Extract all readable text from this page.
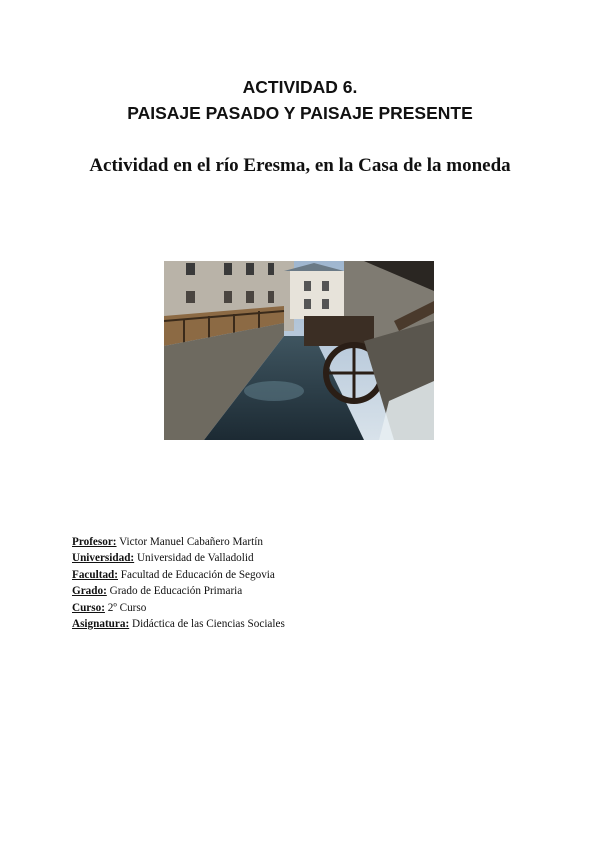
ACTIVIDAD 6.
PAISAJE PASADO Y PAISAJE PRESENTE
Actividad en el río Eresma, en la Casa de la moneda
Profesor: Victor Manuel Cabañero Martín
Universidad: Universidad de Valladolid
Facultad: Facultad de Educación de Segovia
Grado: Grado de Educación Primaria
Curso: 2º Curso
Asignatura: Didáctica de las Ciencias Sociales
